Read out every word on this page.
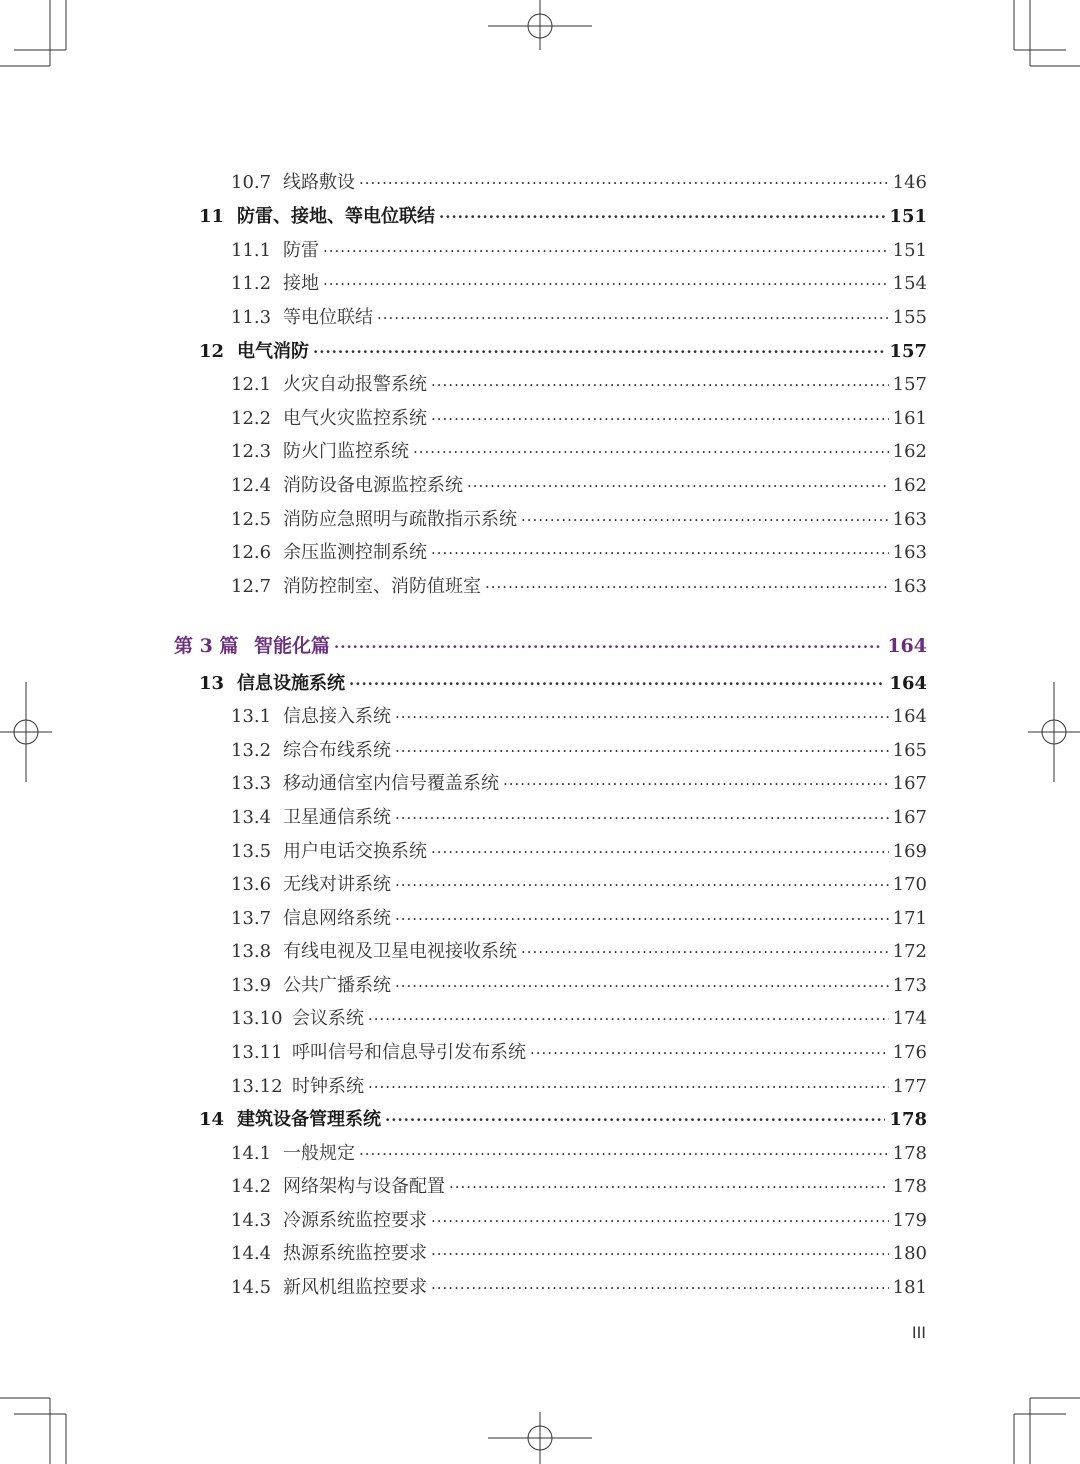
10.7 线路敷设 ·····	146
11 防雷、接地、等电位联结 ·····	151
11.1 防雷 ·····	151
11.2 接地 ·····	154
11.3 等电位联结 ·····	155
12 电气消防 ·····	157
12.1 火灾自动报警系统 ·····	157
12.2 电气火灾监控系统 ·····	161
12.3 防火门监控系统 ·····	162
12.4 消防设备电源监控系统 ·····	162
12.5 消防应急照明与疏散指示系统 ·····	163
12.6 余压监测控制系统 ·····	163
12.7 消防控制室、消防值班室 ·····	163
第 3 篇 智能化篇 ·····	164
13 信息设施系统 ·····	164
13.1 信息接入系统 ·····	164
13.2 综合布线系统 ·····	165
13.3 移动通信室内信号覆盖系统 ·····	167
13.4 卫星通信系统 ·····	167
13.5 用户电话交换系统 ·····	169
13.6 无线对讲系统 ·····	170
13.7 信息网络系统 ·····	171
13.8 有线电视及卫星电视接收系统 ·····	172
13.9 公共广播系统 ·····	173
13.10 会议系统 ·····	174
13.11 呼叫信号和信息导引发布系统 ·····	176
13.12 时钟系统 ·····	177
14 建筑设备管理系统 ·····	178
14.1 一般规定 ·····	178
14.2 网络架构与设备配置 ·····	178
14.3 冷源系统监控要求 ·····	179
14.4 热源系统监控要求 ·····	180
14.5 新风机组监控要求 ·····	181
III
